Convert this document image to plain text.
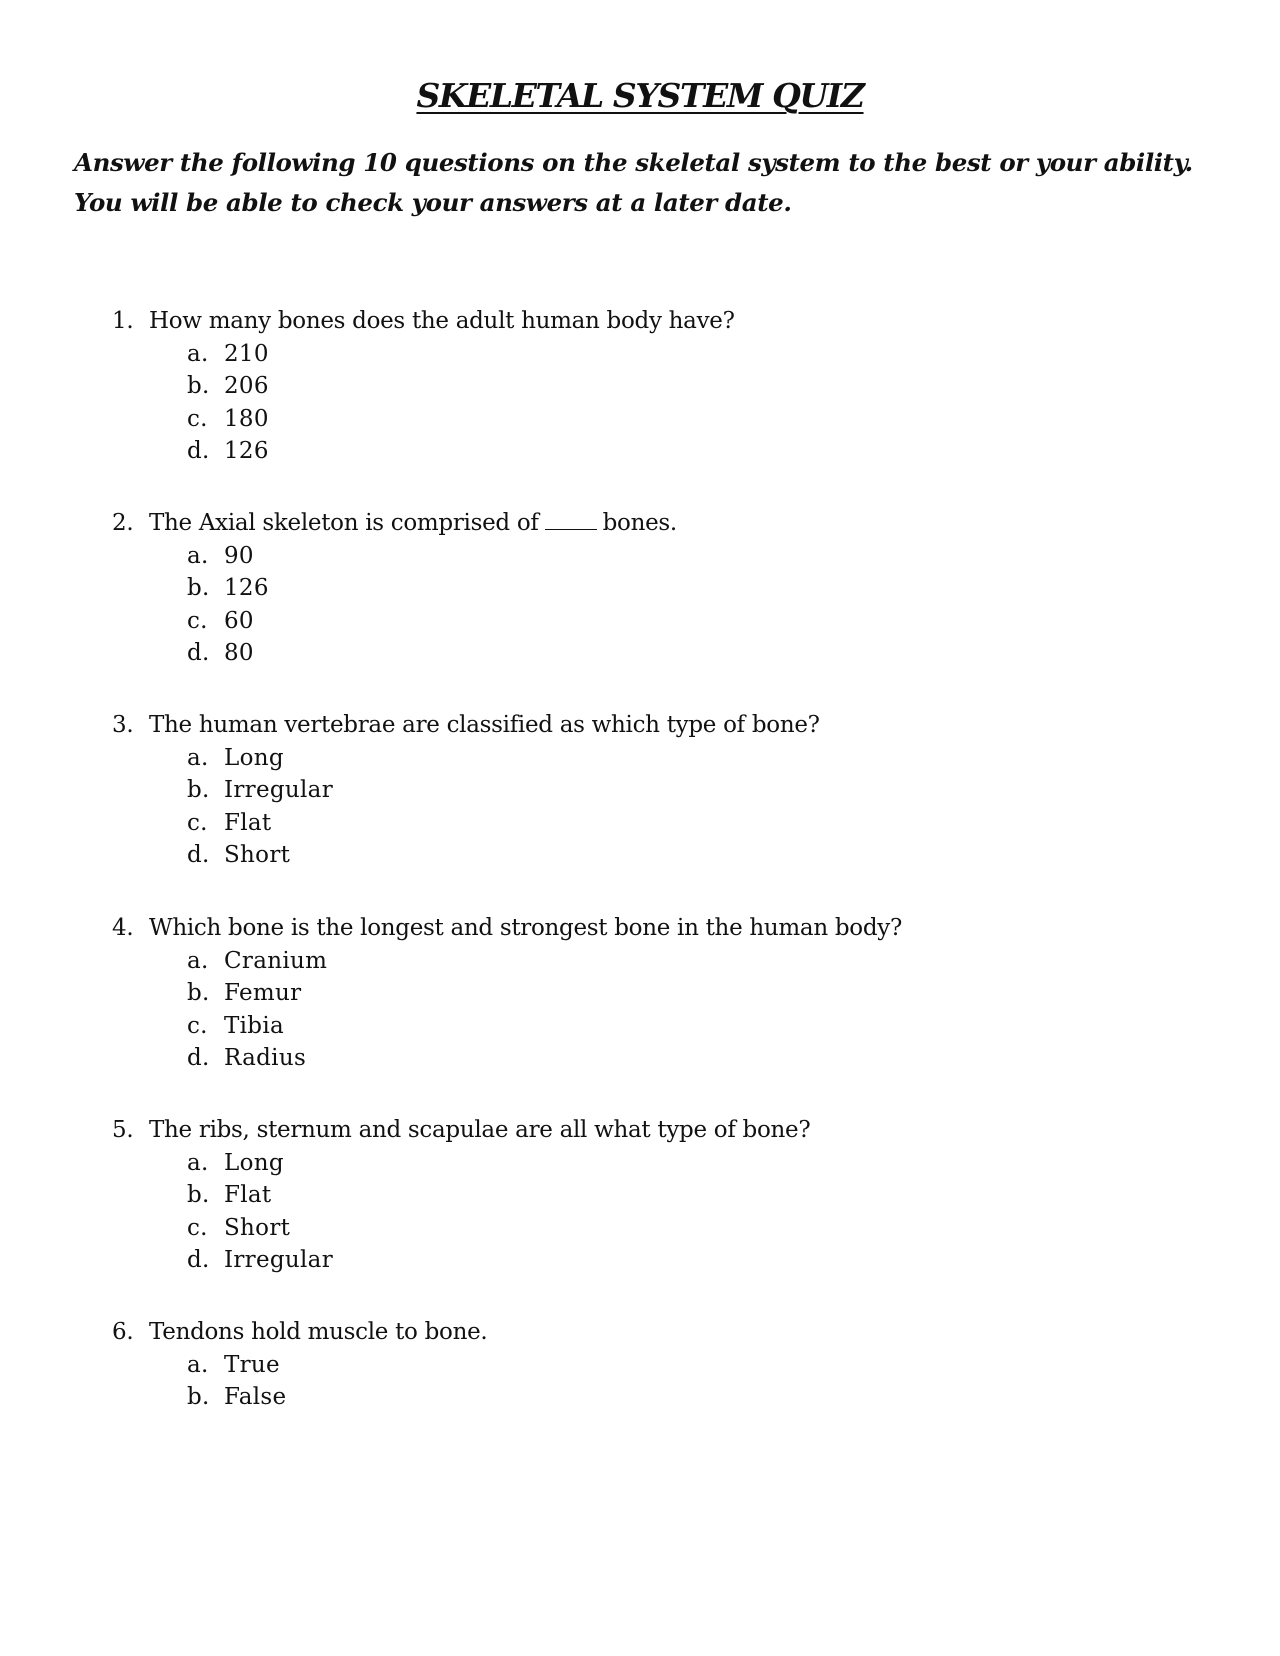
SKELETAL SYSTEM QUIZ

Answer the following 10 questions on the skeletal system to the best or your ability.
You will be able to check your answers at a later date.

1. How many bones does the adult human body have?
a. 210
b. 206
c. 180
d. 126
2. The Axial skeleton is comprised of	bones.
a. 90
b. 126
c. 60
d. 80
3. The human vertebrae are classified as which type of bone?
a. Long
b. Irregular
c. Flat
d. Short
4. Which bone is the longest and strongest bone in the human body?
a. Cranium
b. Femur
c. Tibia
d. Radius
5. The ribs, sternum and scapulae are all what type of bone?
a. Long
b. Flat
c. Short
d. Irregular
6. Tendons hold muscle to bone.
a. True
b. False
